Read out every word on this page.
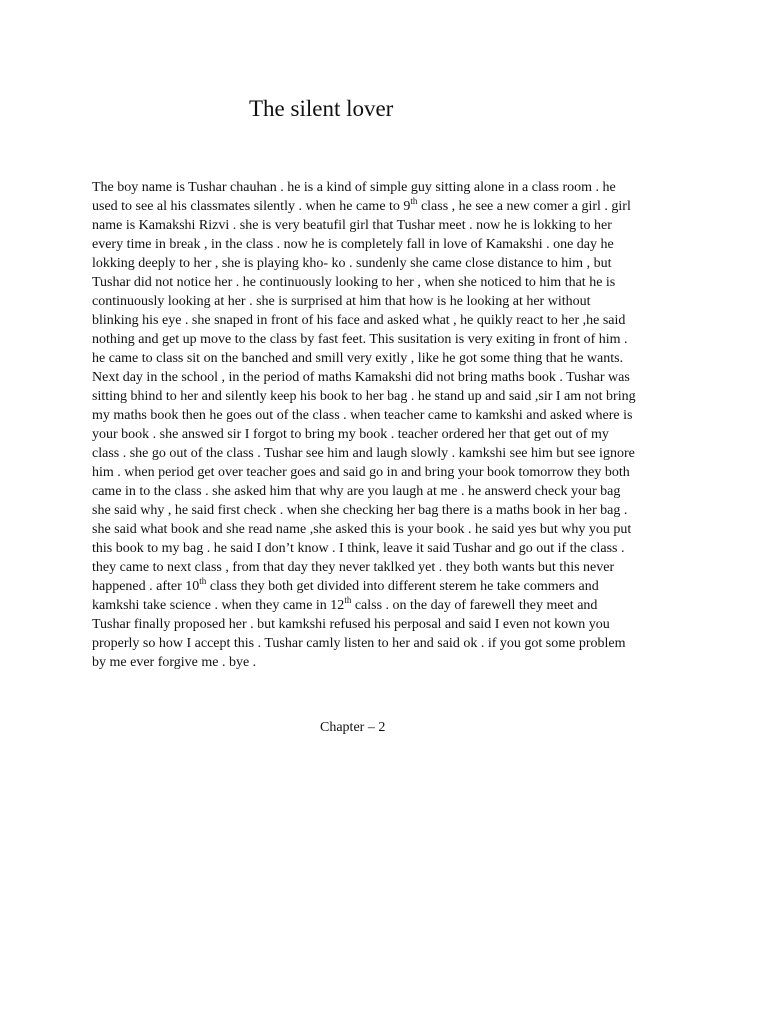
The silent lover
The boy name is Tushar chauhan . he is a kind of simple guy sitting alone in a class room . he
used to see al his classmates silently . when he came to 9th class , he see a new comer a girl . girl
name is Kamakshi Rizvi . she is very beatufil girl that Tushar meet . now he is lokking to her
every time in break , in the class . now he is completely fall in love of Kamakshi . one day he
lokking deeply to her , she is playing kho- ko . sundenly she came close distance to him , but
Tushar did not notice her . he continuously looking to her , when she noticed to him that he is
continuously looking at her . she is surprised at him that how is he looking at her without
blinking his eye . she snaped in front of his face and asked what , he quikly react to her ,he said
nothing and get up move to the class by fast feet. This susitation is very exiting in front of him .
he came to class sit on the banched and smill very exitly , like he got some thing that he wants.
Next day in the school , in the period of maths Kamakshi did not bring maths book . Tushar was
sitting bhind to her and silently keep his book to her bag . he stand up and said ,sir I am not bring
my maths book then he goes out of the class . when teacher came to kamkshi and asked where is
your book . she answed sir I forgot to bring my book . teacher ordered her that get out of my
class . she go out of the class . Tushar see him and laugh slowly . kamkshi see him but see ignore
him . when period get over teacher goes and said go in and bring your book tomorrow they both
came in to the class . she asked him that why are you laugh at me . he answerd check your bag
she said why , he said first check . when she checking her bag there is a maths book in her bag .
she said what book and she read name ,she asked this is your book . he said yes but why you put
this book to my bag . he said I don’t know . I think, leave it said Tushar and go out if the class .
they came to next class , from that day they never taklked yet . they both wants but this never
happened . after 10th class they both get divided into different sterem he take commers and
kamkshi take science . when they came in 12th calss . on the day of farewell they meet and
Tushar finally proposed her . but kamkshi refused his perposal and said I even not kown you
properly so how I accept this . Tushar camly listen to her and said ok . if you got some problem
by me ever forgive me . bye .
Chapter – 2
